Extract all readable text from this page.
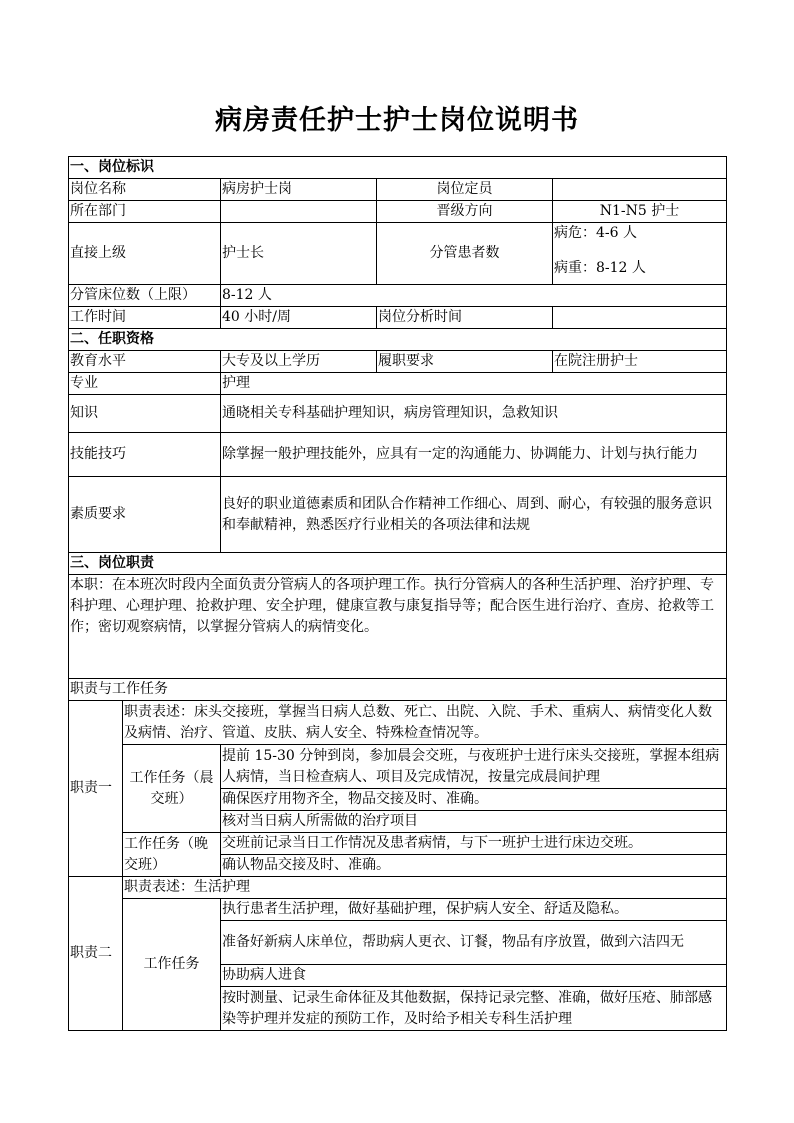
病房责任护士护士岗位说明书
一、岗位标识				
岗位名称		病房护士岗	岗位定员	
所在部门			晋级方向	N1-N5 护士
直接上级		护士长	分管患者数	病危：4-6 人
病重：8-12 人

分管床位数（上限）		8-12 人		
工作时间		40 小时/周	岗位分析时间	
二、任职资格				
教育水平		大专及以上学历	履职要求	在院注册护士
专业		护理		
知识		通晓相关专科基础护理知识，病房管理知识，急救知识		
技能技巧		除掌握一般护理技能外，应具有一定的沟通能力、协调能力、计划与执行能力		
素质要求		良好的职业道德素质和团队合作精神工作细心、周到、耐心，有较强的服务意识和奉献精神，熟悉医疗行业相关的各项法律和法规		
三、岗位职责				
本职：在本班次时段内全面负责分管病人的各项护理工作。执行分管病人的各种生活护理、治疗护理、专科护理、心理护理、抢救护理、安全护理，健康宣教与康复指导等；配合医生进行治疗、查房、抢救等工作；密切观察病情，以掌握分管病人的病情变化。				
职责与工作任务				
职责一	职责表述：床头交接班，掌握当日病人总数、死亡、出院、入院、手术、重病人、病情变化人数及病情、治疗、管道、皮肤、病人安全、特殊检查情况等。			
	工作任务（晨交班）	提前 15-30 分钟到岗，参加晨会交班，与夜班护士进行床头交接班，掌握本组病人病情，当日检查病人、项目及完成情况，按量完成晨间护理		
		确保医疗用物齐全，物品交接及时、准确。		
		核对当日病人所需做的治疗项目		
	工作任务（晚交班）	交班前记录当日工作情况及患者病情，与下一班护士进行床边交班。		
		确认物品交接及时、准确。		
职责二	职责表述：生活护理			
	工作任务	执行患者生活护理，做好基础护理，保护病人安全、舒适及隐私。		
		准备好新病人床单位，帮助病人更衣、订餐，物品有序放置，做到六洁四无		
		协助病人进食		
		按时测量、记录生命体征及其他数据，保持记录完整、准确，做好压疮、肺部感染等护理并发症的预防工作，及时给予相关专科生活护理		
